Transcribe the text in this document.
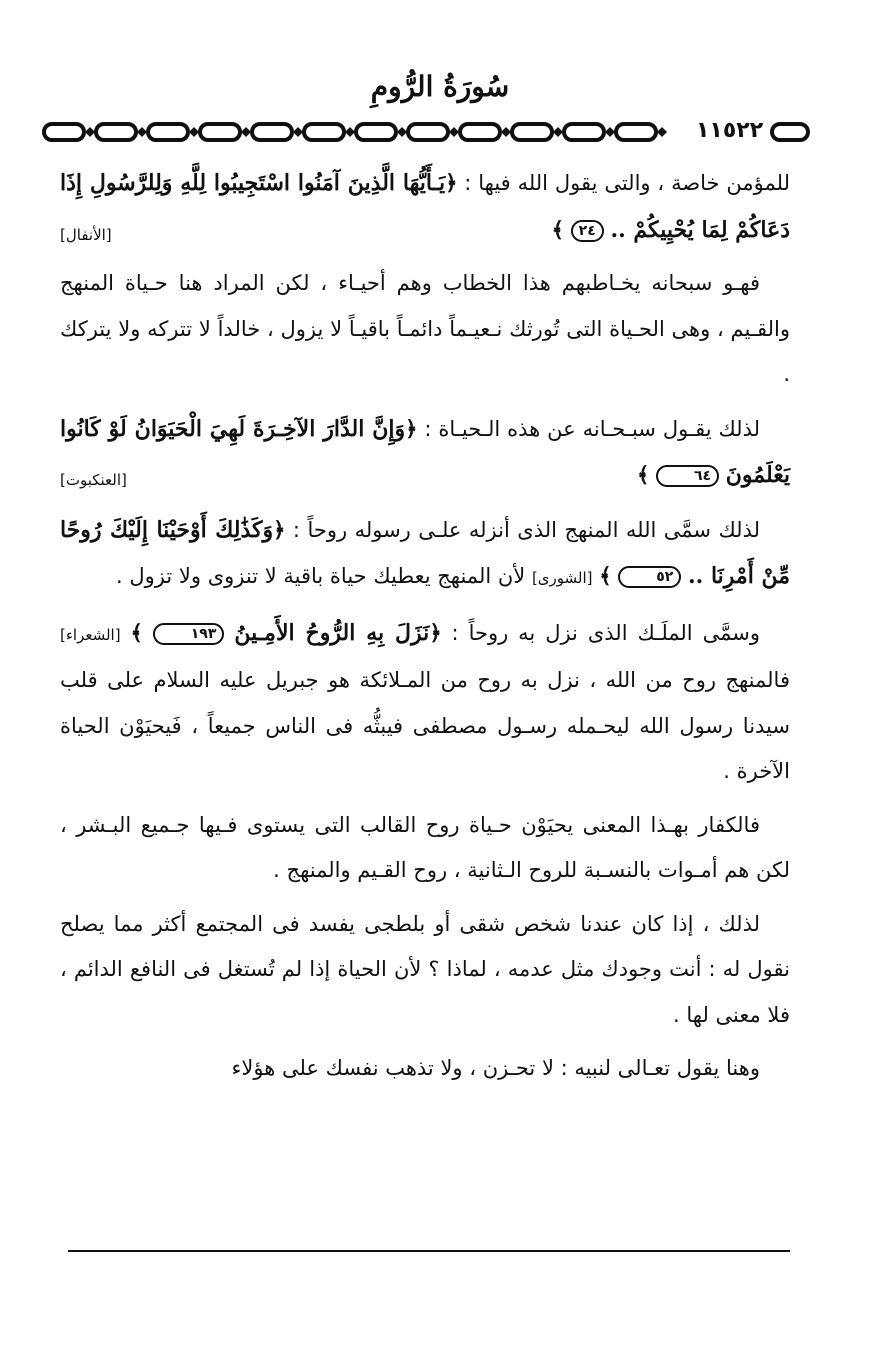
سُورَةُ الرُّومِ
١١٥٢٢

للمؤمن خاصة ، والتى يقول الله فيها : ﴿يَـأَيُّهَا الَّذِينَ آمَنُوا اسْتَجِيبُوا لِلَّهِ وَلِلرَّسُولِ إِذَا دَعَاكُمْ لِمَا يُحْيِيكُمْ .. ٢٤ ﴾
[الأنفال]

فهـو سبحانه يخـاطبهم هذا الخطاب وهم أحيـاء ، لكن المراد هنا حـياة المنهج والقـيم ، وهى الحـياة التى تُورثك نـعيـماً دائمـاً باقيـاً لا يزول ، خالداً لا تتركه ولا يتركك .

لذلك يقـول سبـحـانه عن هذه الـحيـاة : ﴿وَإِنَّ الدَّارَ الآخِـرَةَ لَهِيَ الْحَيَوَانُ لَوْ كَانُوا يَعْلَمُونَ ٦٤ ﴾
[العنكبوت]

لذلك سمَّى الله المنهج الذى أنزله علـى رسوله روحاً : ﴿وَكَذَٰلِكَ أَوْحَيْنَا إِلَيْكَ رُوحًا مِّنْ أَمْرِنَا .. ٥٢ ﴾ [الشورى] لأن المنهج يعطيك حياة باقية لا تنزوى ولا تزول .

وسمَّى الملَـك الذى نزل به روحاً : ﴿نَزَلَ بِهِ الرُّوحُ الأَمِـينُ ١٩٣ ﴾ [الشعراء] فالمنهج روح من الله ، نزل به روح من المـلائكة هو جبريل عليه السلام على قلب سيدنا رسول الله ليحـمله رسـول مصطفى فيبثُّه فى الناس جميعاً ، فَيحيَوْن الحياة الآخرة .

فالكفار بهـذا المعنى يحيَوْن حـياة روح القالب التى يستوى فـيها جـميع البـشر ، لكن هم أمـوات بالنسـبة للروح الـثانية ، روح القـيم والمنهج .

لذلك ، إذا كان عندنا شخص شقى أو بلطجى يفسد فى المجتمع أكثر مما يصلح نقول له : أنت وجودك مثل عدمه ، لماذا ؟ لأن الحياة إذا لم تُستغل فى النافع الدائم ، فلا معنى لها .

وهنا يقول تعـالى لنبيه : لا تحـزن ، ولا تذهب نفسك على هؤلاء
